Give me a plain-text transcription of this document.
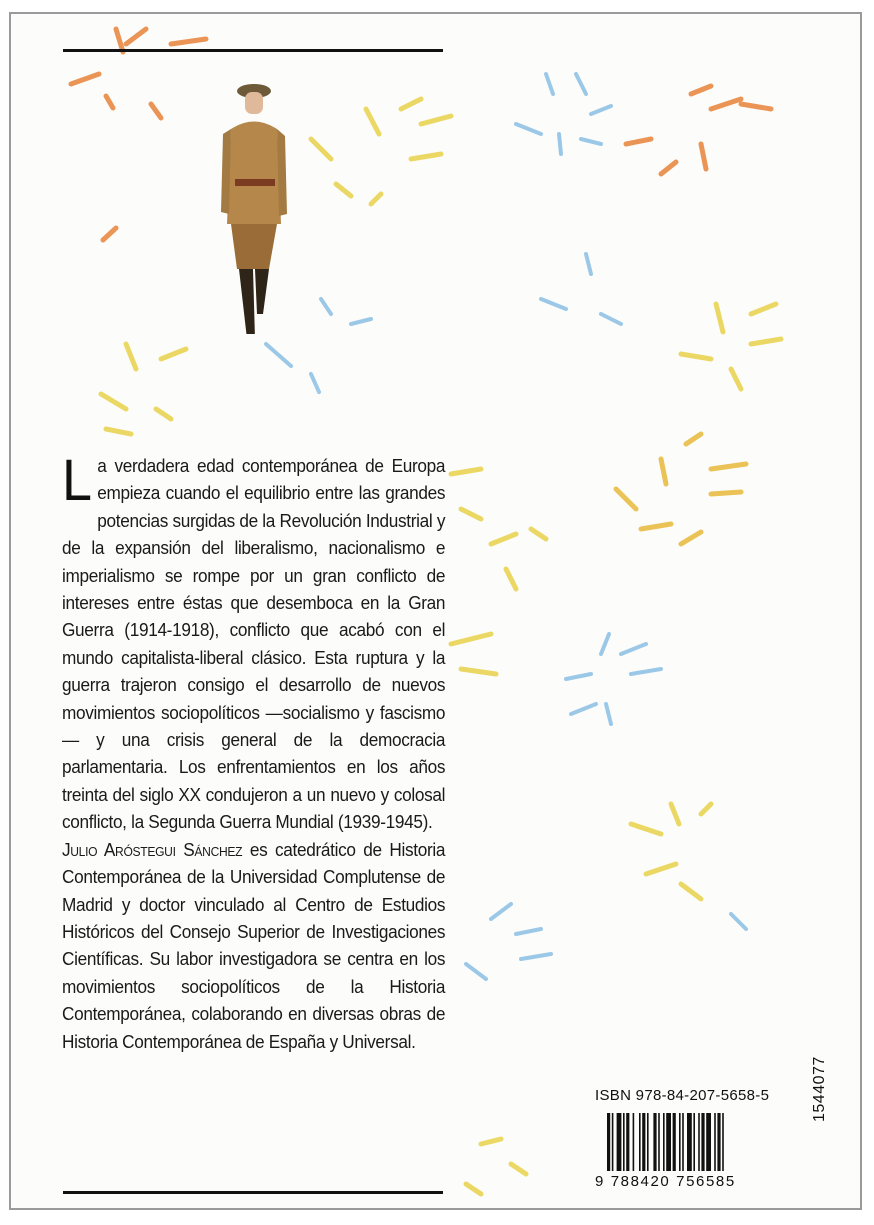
L a verdadera edad contemporánea de Europa empieza cuando el equilibrio entre las grandes potencias surgidas de la Revolución Industrial y de la expansión del liberalismo, nacionalismo e imperialismo se rompe por un gran conflicto de intereses entre éstas que desemboca en la Gran Guerra (1914-1918), conflicto que acabó con el mundo capitalista-liberal clásico. Esta ruptura y la guerra trajeron consigo el desarrollo de nuevos movimientos sociopolíticos —socialismo y fascismo— y una crisis general de la democracia parlamentaria. Los enfrentamientos en los años treinta del siglo XX condujeron a un nuevo y colosal conflicto, la Segunda Guerra Mundial (1939-1945).
Julio Aróstegui Sánchez es catedrático de Historia Contemporánea de la Universidad Complutense de Madrid y doctor vinculado al Centro de Estudios Históricos del Consejo Superior de Investigaciones Científicas. Su labor investigadora se centra en los movimientos sociopolíticos de la Historia Contemporánea, colaborando en diversas obras de Historia Contemporánea de España y Universal.
ISBN 978-84-207-5658-5
9 788420 756585
1544077
